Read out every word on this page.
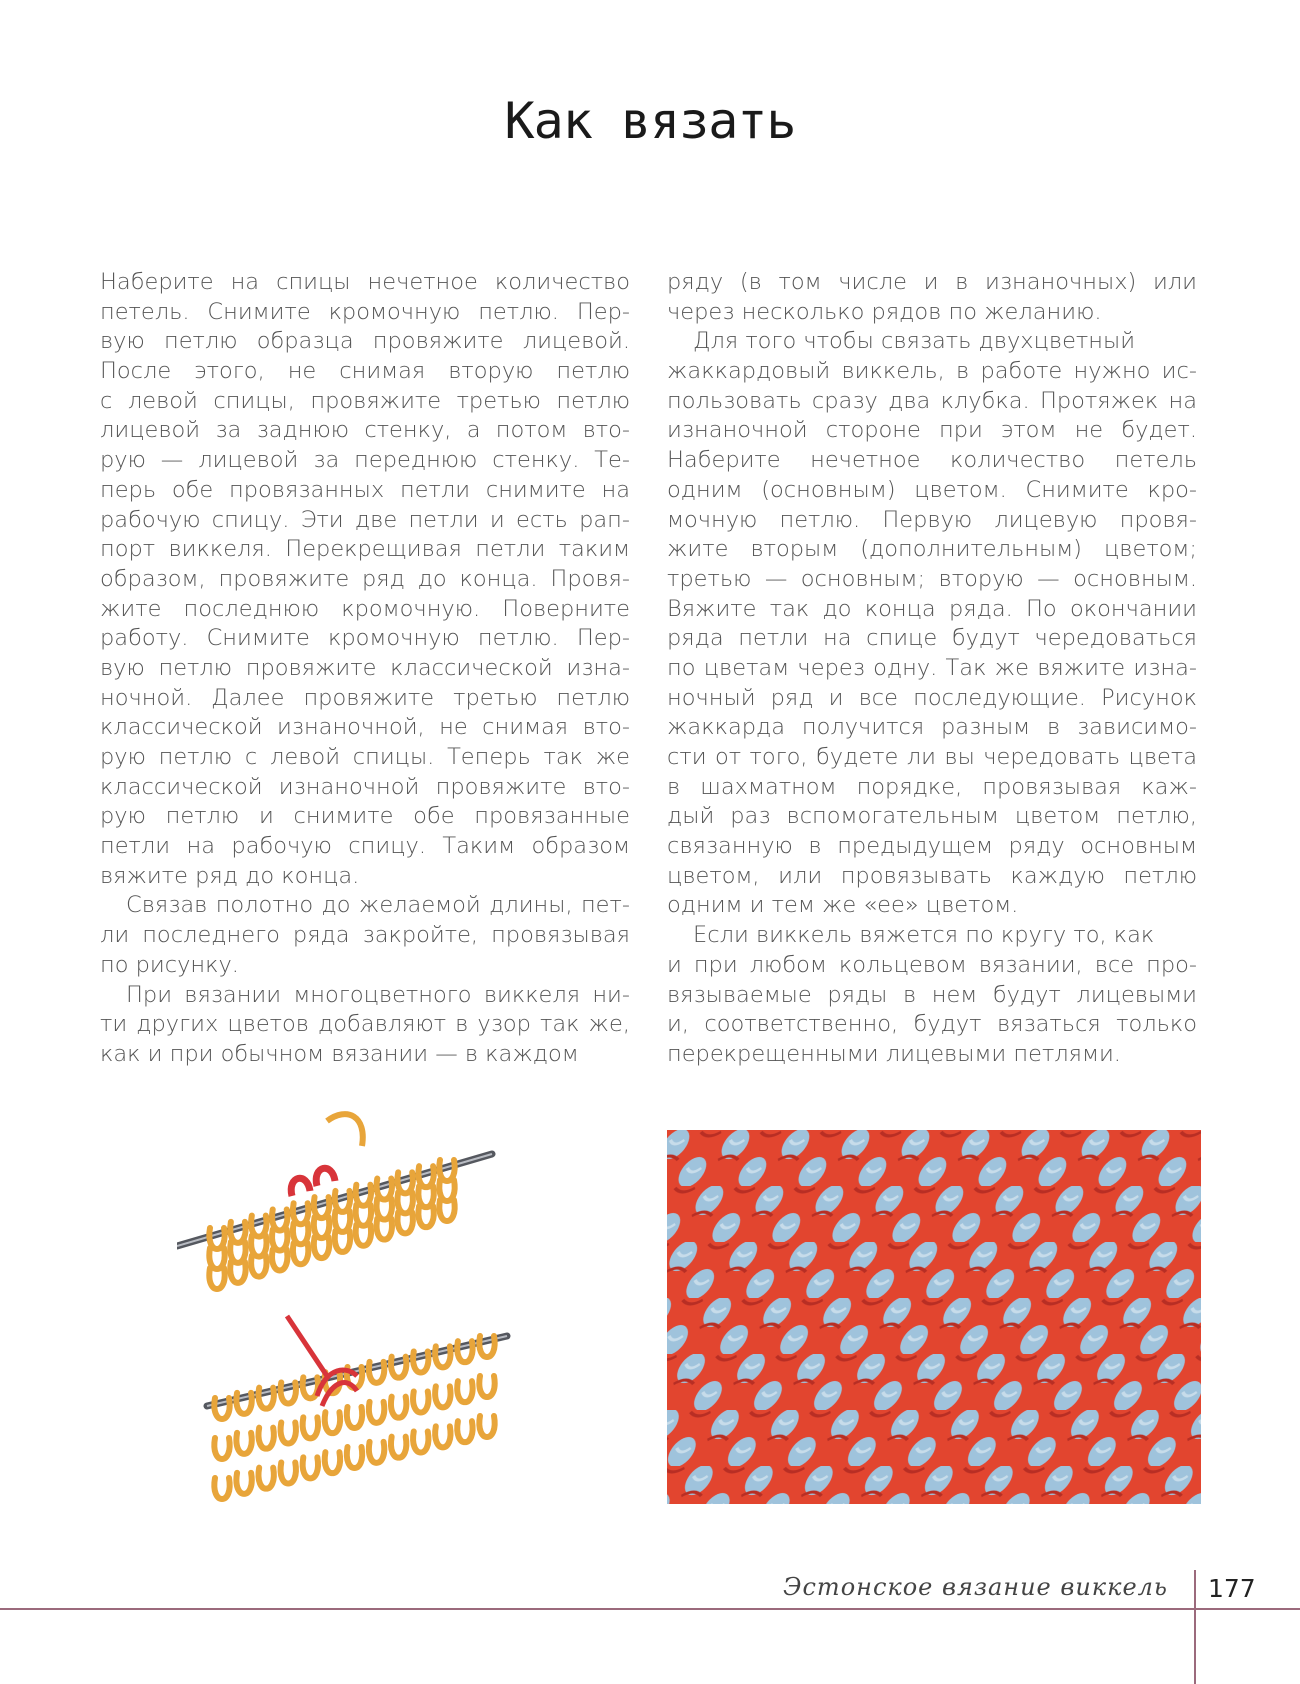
Как вязать
Наберите на спицы нечетное количество
петель. Снимите кромочную петлю. Пер-
вую петлю образца провяжите лицевой.
После этого, не снимая вторую петлю
с левой спицы, провяжите третью петлю
лицевой за заднюю стенку, а потом вто-
рую — лицевой за переднюю стенку. Те-
перь обе провязанных петли снимите на
рабочую спицу. Эти две петли и есть рап-
порт виккеля. Перекрещивая петли таким
образом, провяжите ряд до конца. Провя-
жите последнюю кромочную. Поверните
работу. Снимите кромочную петлю. Пер-
вую петлю провяжите классической изна-
ночной. Далее провяжите третью петлю
классической изнаночной, не снимая вто-
рую петлю с левой спицы. Теперь так же
классической изнаночной провяжите вто-
рую петлю и снимите обе провязанные
петли на рабочую спицу. Таким образом
вяжите ряд до конца.
Связав полотно до желаемой длины, пет-
ли последнего ряда закройте, провязывая
по рисунку.
При вязании многоцветного виккеля ни-
ти других цветов добавляют в узор так же,
как и при обычном вязании — в каждом
ряду (в том числе и в изнаночных) или
через несколько рядов по желанию.
Для того чтобы связать двухцветный
жаккардовый виккель, в работе нужно ис-
пользовать сразу два клубка. Протяжек на
изнаночной стороне при этом не будет.
Наберите нечетное количество петель
одним (основным) цветом. Снимите кро-
мочную петлю. Первую лицевую провя-
жите вторым (дополнительным) цветом;
третью — основным; вторую — основным.
Вяжите так до конца ряда. По окончании
ряда петли на спице будут чередоваться
по цветам через одну. Так же вяжите изна-
ночный ряд и все последующие. Рисунок
жаккарда получится разным в зависимо-
сти от того, будете ли вы чередовать цвета
в шахматном порядке, провязывая каж-
дый раз вспомогательным цветом петлю,
связанную в предыдущем ряду основным
цветом, или провязывать каждую петлю
одним и тем же «ее» цветом.
Если виккель вяжется по кругу то, как
и при любом кольцевом вязании, все про-
вязываемые ряды в нем будут лицевыми
и, соответственно, будут вязаться только
перекрещенными лицевыми петлями.
Эстонское вязание виккель 177
